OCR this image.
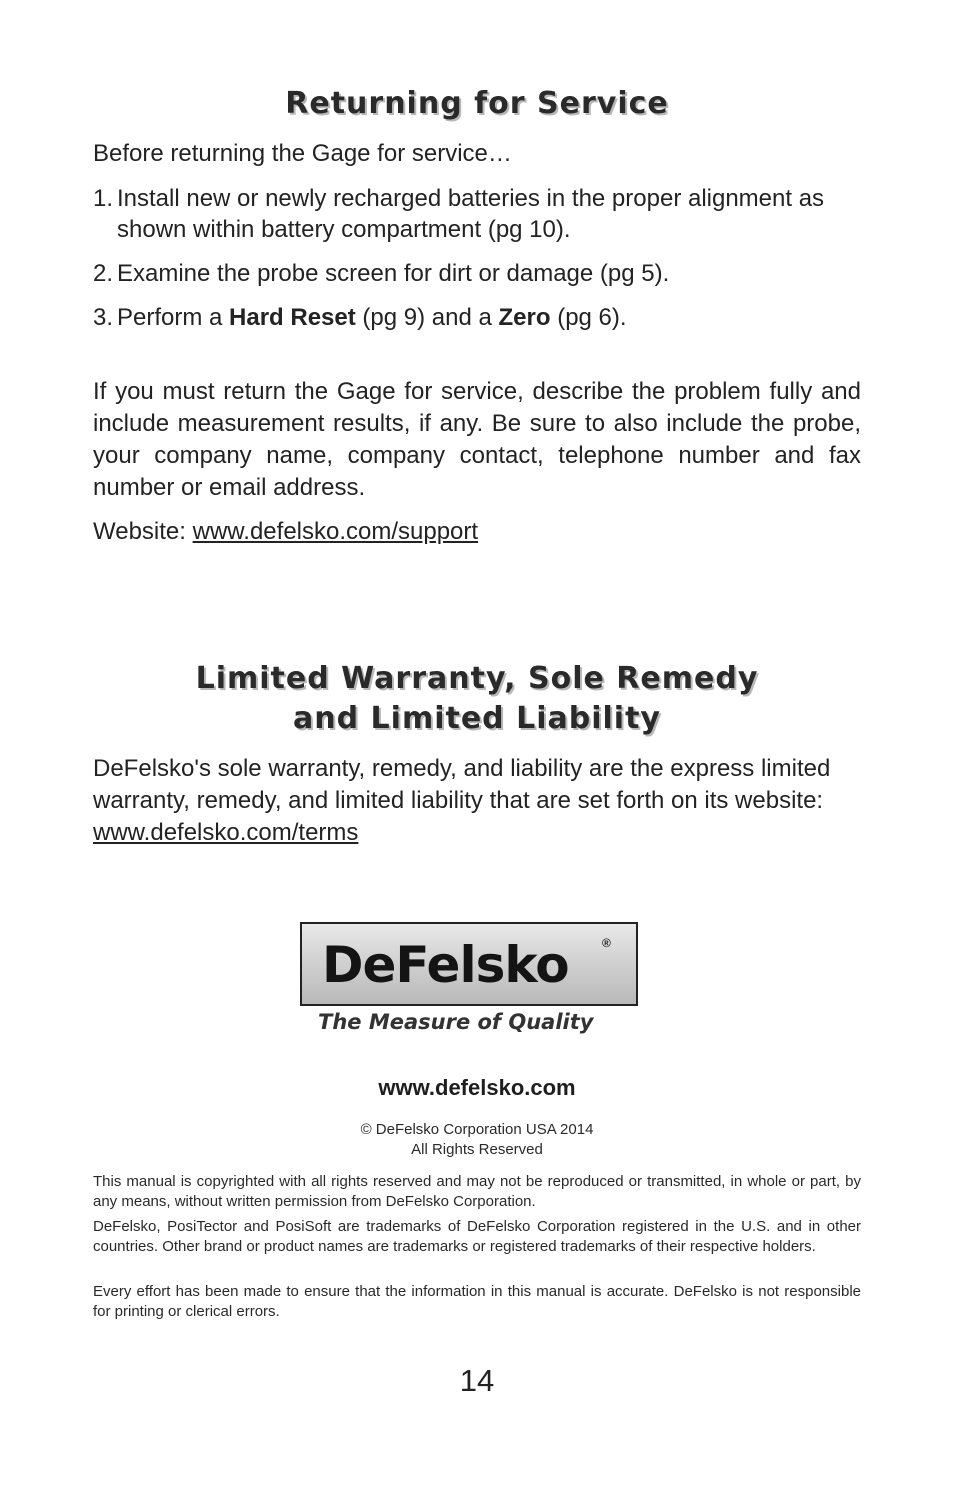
Returning for Service
Before returning the Gage for service…
1. Install new or newly recharged batteries in the proper alignment as shown within battery compartment (pg 10).
2. Examine the probe screen for dirt or damage (pg 5).
3. Perform a Hard Reset (pg 9) and a Zero (pg 6).
If you must return the Gage for service, describe the problem fully and include measurement results, if any. Be sure to also include the probe, your company name, company contact, telephone number and fax number or email address.
Website: www.defelsko.com/support
Limited Warranty, Sole Remedy
and Limited Liability
DeFelsko's sole warranty, remedy, and liability are the express limited warranty, remedy, and limited liability that are set forth on its website: www.defelsko.com/terms
DeFelsko	®
The Measure of Quality
www.defelsko.com
© DeFelsko Corporation USA 2014
All Rights Reserved
This manual is copyrighted with all rights reserved and may not be reproduced or transmitted, in whole or part, by any means, without written permission from DeFelsko Corporation.
DeFelsko, PosiTector and PosiSoft are trademarks of DeFelsko Corporation registered in the U.S. and in other countries. Other brand or product names are trademarks or registered trademarks of their respective holders.
Every effort has been made to ensure that the information in this manual is accurate. DeFelsko is not responsible for printing or clerical errors.
14
